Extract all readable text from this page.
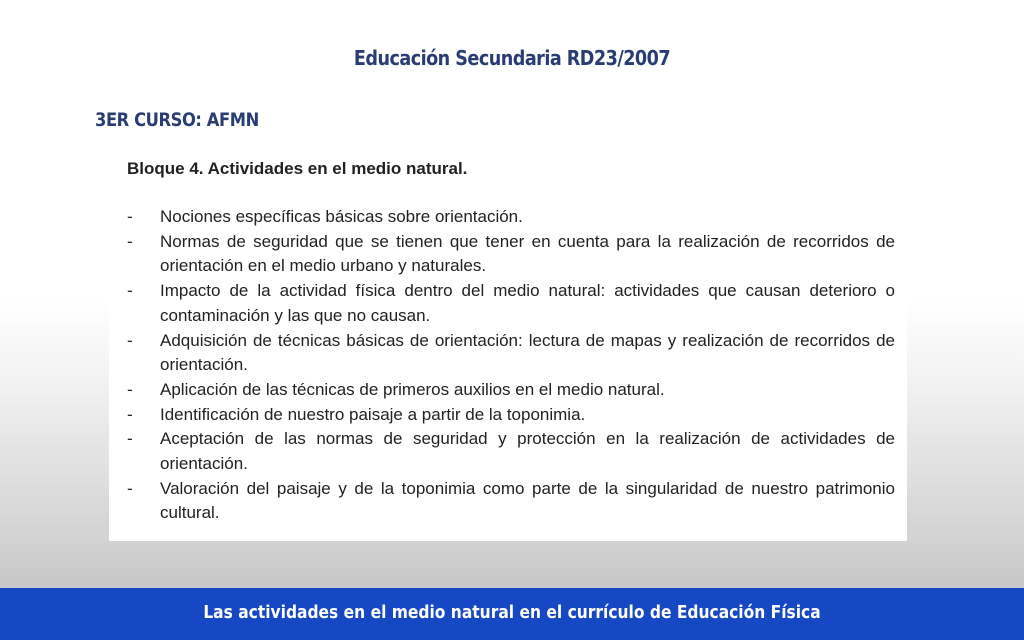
Educación Secundaria RD23/2007
3ER CURSO: AFMN
Bloque 4. Actividades en el medio natural.
-	Nociones específicas básicas sobre orientación.
-	Normas de seguridad que se tienen que tener en cuenta para la realización de recorridos de orientación en el medio urbano y naturales.
-	Impacto de la actividad física dentro del medio natural: actividades que causan deterioro o contaminación y las que no causan.
-	Adquisición de técnicas básicas de orientación: lectura de mapas y realización de recorridos de orientación.
-	Aplicación de las técnicas de primeros auxilios en el medio natural.
-	Identificación de nuestro paisaje a partir de la toponimia.
-	Aceptación de las normas de seguridad y protección en la realización de actividades de orientación.
-	Valoración del paisaje y de la toponimia como parte de la singularidad de nuestro patrimonio cultural.
Las actividades en el medio natural en el currículo de Educación Física
